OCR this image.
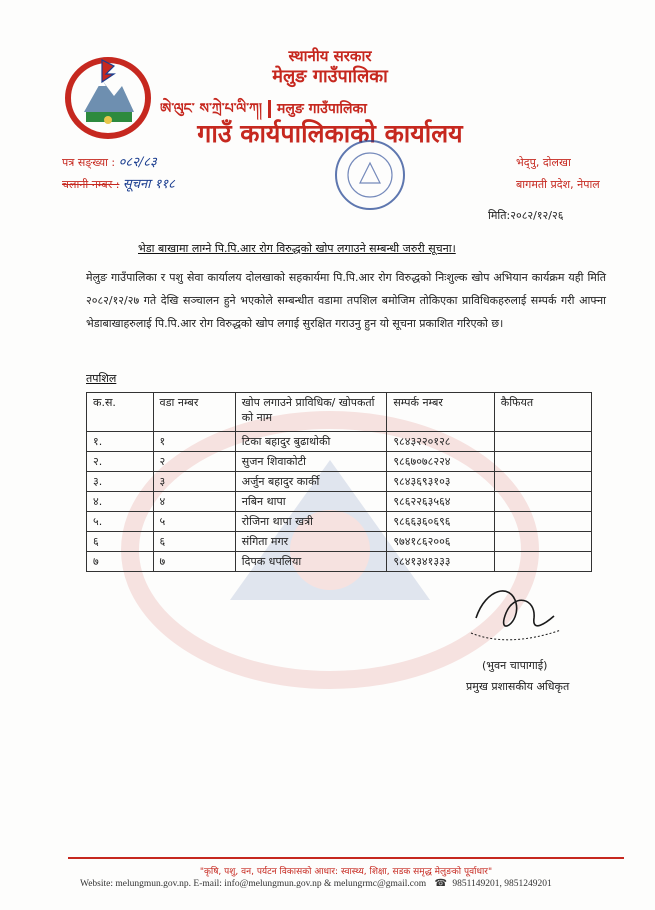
स्थानीय सरकार
मेलुङ गाउँपालिका
ཨེ་ལུང་ ས་ཀྲེ་པ་ལི་ཀ། मलुङ गाउँपालिका
गाउँ कार्यपालिकाको कार्यालय
पत्र सङ्ख्या : ०८२/८३
चलानी नम्बर : सूचना ११८
भेद्पु, दोलखा
बागमती प्रदेश, नेपाल
मिति:२०८२/१२/२६
भेडा बाखामा लाग्ने पि.पि.आर रोग विरुद्धको खोप लगाउने सम्बन्धी जरुरी सूचना।
मेलुङ गाउँपालिका र पशु सेवा कार्यालय दोलखाको सहकार्यमा पि.पि.आर रोग विरुद्धको निःशुल्क खोप अभियान कार्यक्रम यही मिति २०८२/१२/२७ गते देखि सञ्चालन हुने भएकोले सम्बन्धीत वडामा तपशिल बमोजिम तोकिएका प्राविधिकहरुलाई सम्पर्क गरी आफ्ना भेडाबाखाहरुलाई पि.पि.आर रोग विरुद्धको खोप लगाई सुरक्षित गराउनु हुन यो सूचना प्रकाशित गरिएको छ।
तपशिल
क.स.	वडा नम्बर	खोप लगाउने प्राविधिक/ खोपकर्ता को नाम	सम्पर्क नम्बर	कैफियत
१.	१	टिका बहादुर बुढाथोकी	९८४३२२०१२८	
२.	२	सुजन शिवाकोटी	९८६७०७८२२४	
३.	३	अर्जुन बहादुर कार्की	९८४३६९३१०३	
४.	४	नबिन थापा	९८६२२६३५६४	
५.	५	रोजिना थापा खत्री	९८६६३६०६९६	
६	६	संगिता मगर	९७४१८६२००६	
७	७	दिपक धपलिया	९८४१३४१३३३	
(भुवन चापागाई)
प्रमुख प्रशासकीय अधिकृत
"कृषि, पशु, वन, पर्यटन विकासको आधार: स्वास्थ्य, शिक्षा, सडक समृद्ध मेलुङको पूर्वाधार"
Website: melungmun.gov.np. E-mail: info@melungmun.gov.np & melungrmc@gmail.com ☎ 9851149201, 9851249201
